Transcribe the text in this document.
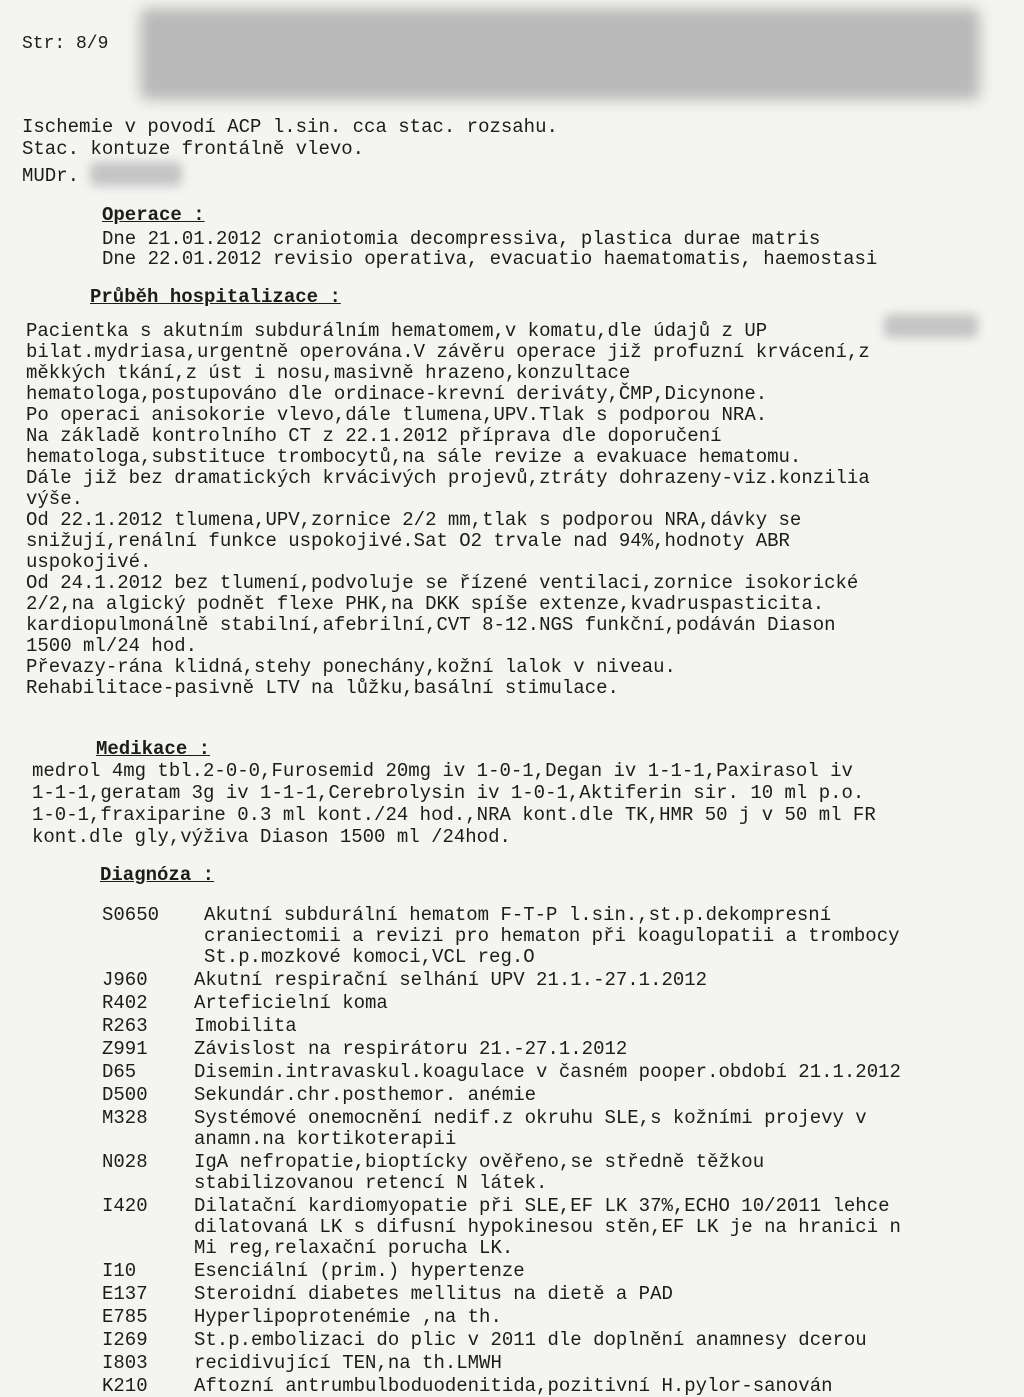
Str: 8/9
Ischemie v povodí ACP l.sin. cca stac. rozsahu.
Stac. kontuze frontálně vlevo.
MUDr.
Operace :
Dne 21.01.2012 craniotomia decompressiva, plastica durae matris
Dne 22.01.2012 revisio operativa, evacuatio haematomatis, haemostasi
Průběh hospitalizace :
Pacientka s akutním subdurálním hematomem,v komatu,dle údajů z UP
bilat.mydriasa,urgentně operována.V závěru operace již profuzní krvácení,z
měkkých tkání,z úst i nosu,masivně hrazeno,konzultace
hematologa,postupováno dle ordinace-krevní deriváty,ČMP,Dicynone.
Po operaci anisokorie vlevo,dále tlumena,UPV.Tlak s podporou NRA.
Na základě kontrolního CT z 22.1.2012 příprava dle doporučení
hematologa,substituce trombocytů,na sále revize a evakuace hematomu.
Dále již bez dramatických krvácivých projevů,ztráty dohrazeny-viz.konzilia
výše.
Od 22.1.2012 tlumena,UPV,zornice 2/2 mm,tlak s podporou NRA,dávky se
snižují,renální funkce uspokojivé.Sat O2 trvale nad 94%,hodnoty ABR
uspokojivé.
Od 24.1.2012 bez tlumení,podvoluje se řízené ventilaci,zornice isokorické
2/2,na algický podnět flexe PHK,na DKK spíše extenze,kvadruspasticita.
kardiopulmonálně stabilní,afebrilní,CVT 8-12.NGS funkční,podáván Diason
1500 ml/24 hod.
Převazy-rána klidná,stehy ponechány,kožní lalok v niveau.
Rehabilitace-pasivně LTV na lůžku,basální stimulace.
Medikace :
medrol 4mg tbl.2-0-0,Furosemid 20mg iv 1-0-1,Degan iv 1-1-1,Paxirasol iv
1-1-1,geratam 3g iv 1-1-1,Cerebrolysin iv 1-0-1,Aktiferin sir. 10 ml p.o.
1-0-1,fraxiparine 0.3 ml kont./24 hod.,NRA kont.dle TK,HMR 50 j v 50 ml FR
kont.dle gly,výživa Diason 1500 ml /24hod.
Diagnóza :
S0650 Akutní subdurální hematom F-T-P l.sin.,st.p.dekompresní
craniectomii a revizi pro hematon při koagulopatii a trombocy
St.p.mozkové komoci,VCL reg.O
J960 Akutní respirační selhání UPV 21.1.-27.1.2012
R402 Arteficielní koma
R263 Imobilita
Z991 Závislost na respirátoru 21.-27.1.2012
D65	Disemin.intravaskul.koagulace v časném pooper.období 21.1.2012
D500 Sekundár.chr.posthemor. anémie
M328 Systémové onemocnění nedif.z okruhu SLE,s kožními projevy v
anamn.na kortikoterapii
N028 IgA nefropatie,bioptícky ověřeno,se středně těžkou
stabilizovanou retencí N látek.
I420 Dilatační kardiomyopatie při SLE,EF LK 37%,ECHO 10/2011 lehce
dilatovaná LK s difusní hypokinesou stěn,EF LK je na hranici n
Mi reg,relaxační porucha LK.
I10	Esenciální (prim.) hypertenze
E137 Steroidní diabetes mellitus na dietě a PAD
E785 Hyperlipoprotenémie ,na th.
I269 St.p.embolizaci do plic v 2011 dle doplnění anamnesy dcerou
I803 recidivující TEN,na th.LMWH
K210 Aftozní antrumbulboduodenitida,pozitivní H.pylor-sanován
